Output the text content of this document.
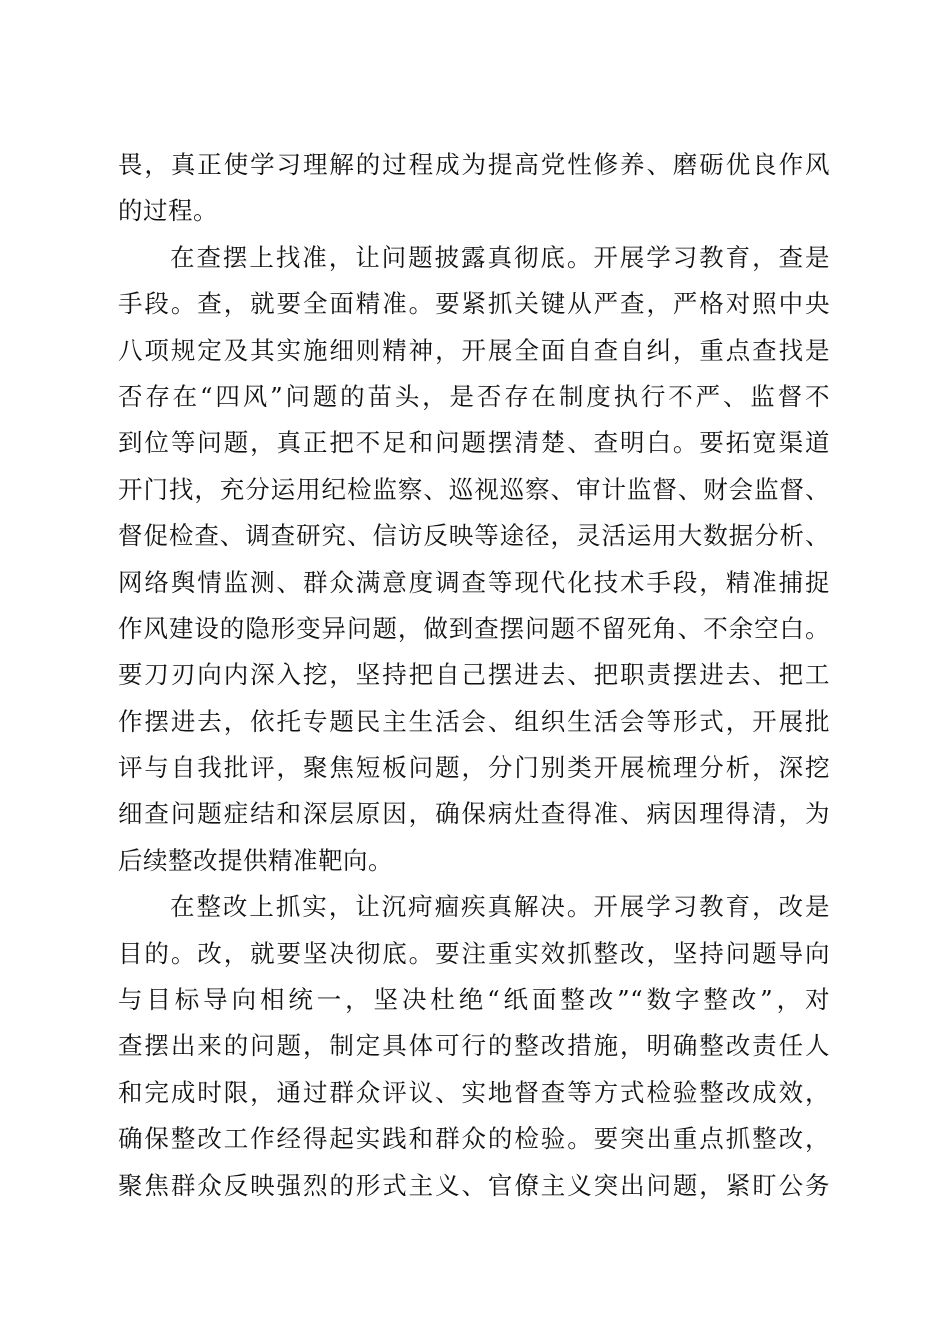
畏，真正使学习理解的过程成为提高党性修养、磨砺优良作风
的过程。
在查摆上找准，让问题披露真彻底。开展学习教育，查是
手段。查，就要全面精准。要紧抓关键从严查，严格对照中央
八项规定及其实施细则精神，开展全面自查自纠，重点查找是
否存在“四风”问题的苗头，是否存在制度执行不严、监督不
到位等问题，真正把不足和问题摆清楚、查明白。要拓宽渠道
开门找，充分运用纪检监察、巡视巡察、审计监督、财会监督、
督促检查、调查研究、信访反映等途径，灵活运用大数据分析、
网络舆情监测、群众满意度调查等现代化技术手段，精准捕捉
作风建设的隐形变异问题，做到查摆问题不留死角、不余空白。
要刀刃向内深入挖，坚持把自己摆进去、把职责摆进去、把工
作摆进去，依托专题民主生活会、组织生活会等形式，开展批
评与自我批评，聚焦短板问题，分门别类开展梳理分析，深挖
细查问题症结和深层原因，确保病灶查得准、病因理得清，为
后续整改提供精准靶向。
在整改上抓实，让沉疴痼疾真解决。开展学习教育，改是
目的。改，就要坚决彻底。要注重实效抓整改，坚持问题导向
与目标导向相统一，坚决杜绝“纸面整改”“数字整改”，对
查摆出来的问题，制定具体可行的整改措施，明确整改责任人
和完成时限，通过群众评议、实地督查等方式检验整改成效，
确保整改工作经得起实践和群众的检验。要突出重点抓整改，
聚焦群众反映强烈的形式主义、官僚主义突出问题，紧盯公务
